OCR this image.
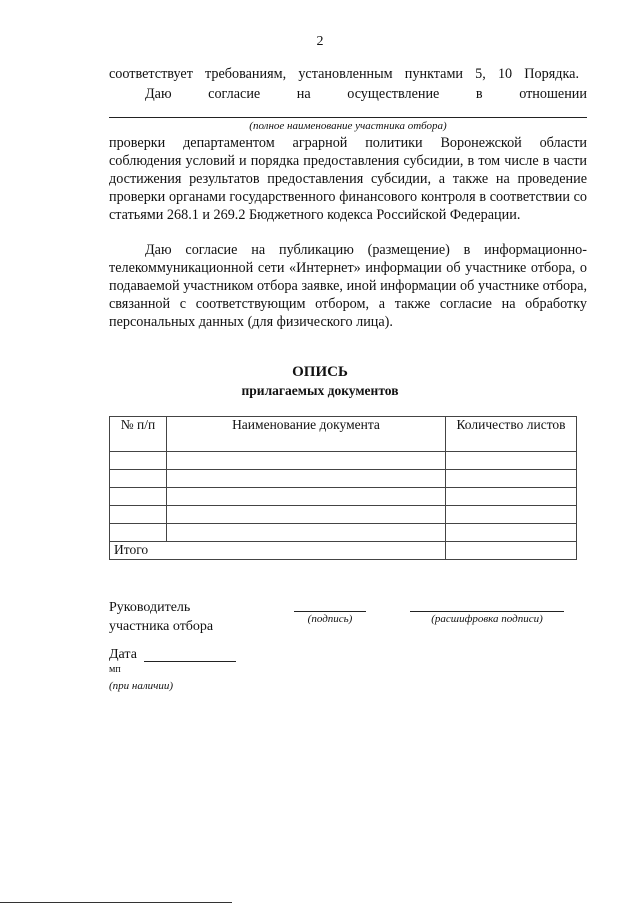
2
соответствует требованиям, установленным пунктами 5, 10 Порядка.
Даю согласие на осуществление в отношении
(полное наименование участника отбора)
проверки департаментом аграрной политики Воронежской области соблюдения условий и порядка предоставления субсидии, в том числе в части достижения результатов предоставления субсидии, а также на проведение проверки органами государственного финансового контроля в соответствии со статьями 268.1 и 269.2 Бюджетного кодекса Российской Федерации.
Даю согласие на публикацию (размещение) в информационно-телекоммуникационной сети «Интернет» информации об участнике отбора, о подаваемой участником отбора заявке, иной информации об участнике отбора, связанной с соответствующим отбором, а также согласие на обработку персональных данных (для физического лица).
ОПИСЬ
прилагаемых документов
№ п/п	Наименование документа	Количество листов

Итого		
Руководитель
участника отбора	(подпись)	(расшифровка подписи)
Дата
мп
(при наличии)
